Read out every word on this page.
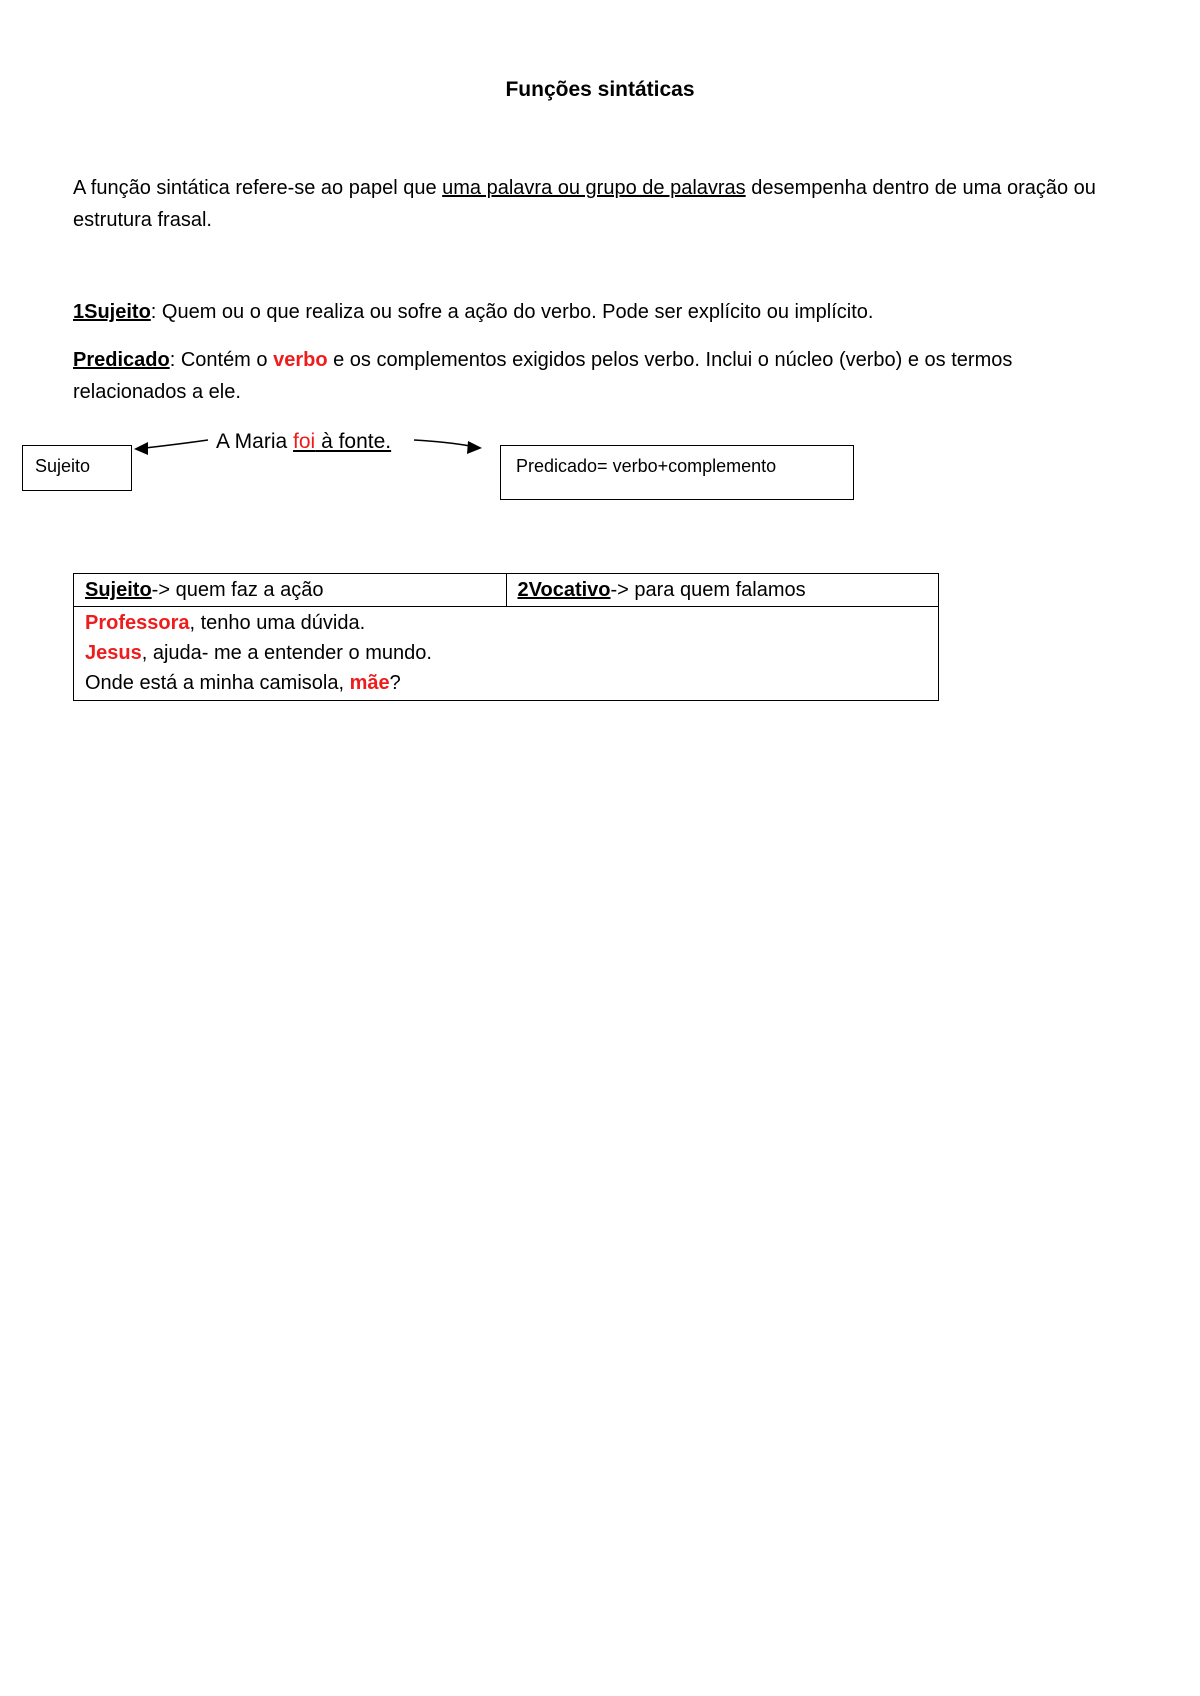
Funções sintáticas
A função sintática refere-se ao papel que uma palavra ou grupo de palavras desempenha dentro de uma oração ou estrutura frasal.
1Sujeito: Quem ou o que realiza ou sofre a ação do verbo. Pode ser explícito ou implícito.
Predicado: Contém o verbo e os complementos exigidos pelos verbo. Inclui o núcleo (verbo) e os termos relacionados a ele.
Sujeito	Predicado= verbo+complemento
A Maria foi à fonte.
Sujeito-> quem faz a ação	2Vocativo-> para quem falamos

Professora, tenho uma dúvida.
Jesus, ajuda- me a entender o mundo.
Onde está a minha camisola, mãe?
